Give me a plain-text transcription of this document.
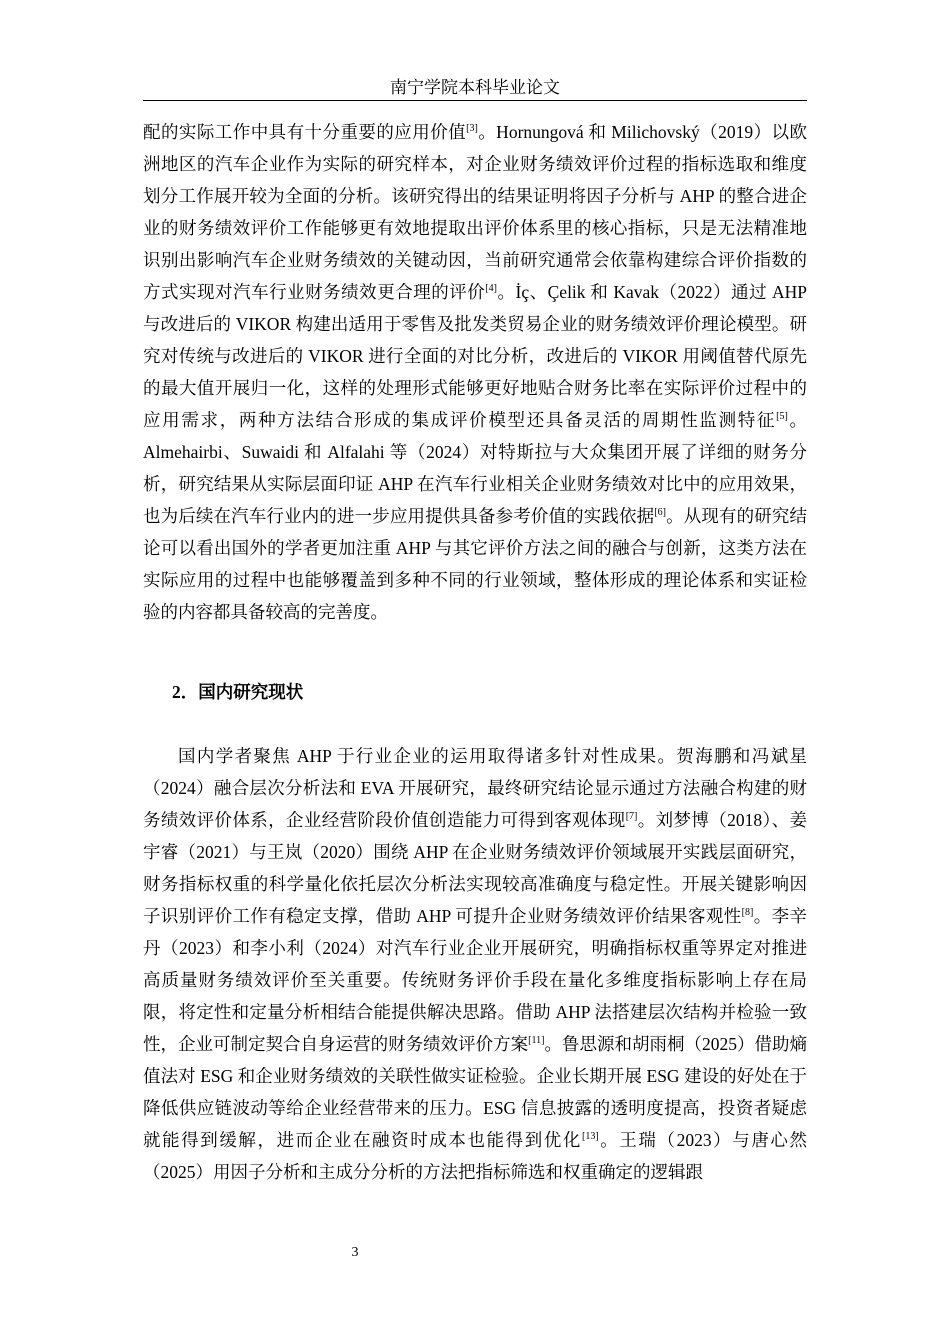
南宁学院本科毕业论文

配的实际工作中具有十分重要的应用价值[3]。Hornungová 和 Milichovský（2019）以欧洲地区的汽车企业作为实际的研究样本，对企业财务绩效评价过程的指标选取和维度划分工作展开较为全面的分析。该研究得出的结果证明将因子分析与 AHP 的整合进企业的财务绩效评价工作能够更有效地提取出评价体系里的核心指标，只是无法精准地识别出影响汽车企业财务绩效的关键动因，当前研究通常会依靠构建综合评价指数的方式实现对汽车行业财务绩效更合理的评价[4]。İç、Çelik 和 Kavak（2022）通过 AHP 与改进后的 VIKOR 构建出适用于零售及批发类贸易企业的财务绩效评价理论模型。研究对传统与改进后的 VIKOR 进行全面的对比分析，改进后的 VIKOR 用阈值替代原先的最大值开展归一化，这样的处理形式能够更好地贴合财务比率在实际评价过程中的应用需求，两种方法结合形成的集成评价模型还具备灵活的周期性监测特征[5]。Almehairbi、Suwaidi 和 Alfalahi 等（2024）对特斯拉与大众集团开展了详细的财务分析，研究结果从实际层面印证 AHP 在汽车行业相关企业财务绩效对比中的应用效果，也为后续在汽车行业内的进一步应用提供具备参考价值的实践依据[6]。从现有的研究结论可以看出国外的学者更加注重 AHP 与其它评价方法之间的融合与创新，这类方法在实际应用的过程中也能够覆盖到多种不同的行业领域，整体形成的理论体系和实证检验的内容都具备较高的完善度。

2．国内研究现状

国内学者聚焦 AHP 于行业企业的运用取得诸多针对性成果。贺海鹏和冯斌星（2024）融合层次分析法和 EVA 开展研究，最终研究结论显示通过方法融合构建的财务绩效评价体系，企业经营阶段价值创造能力可得到客观体现[7]。刘梦博（2018）、姜宇睿（2021）与王岚（2020）围绕 AHP 在企业财务绩效评价领域展开实践层面研究，财务指标权重的科学量化依托层次分析法实现较高准确度与稳定性。开展关键影响因子识别评价工作有稳定支撑，借助 AHP 可提升企业财务绩效评价结果客观性[8]。李辛丹（2023）和李小利（2024）对汽车行业企业开展研究，明确指标权重等界定对推进高质量财务绩效评价至关重要。传统财务评价手段在量化多维度指标影响上存在局限，将定性和定量分析相结合能提供解决思路。借助 AHP 法搭建层次结构并检验一致性，企业可制定契合自身运营的财务绩效评价方案[11]。鲁思源和胡雨桐（2025）借助熵值法对 ESG 和企业财务绩效的关联性做实证检验。企业长期开展 ESG 建设的好处在于降低供应链波动等给企业经营带来的压力。ESG 信息披露的透明度提高，投资者疑虑就能得到缓解，进而企业在融资时成本也能得到优化[13]。王瑞（2023）与唐心然（2025）用因子分析和主成分分析的方法把指标筛选和权重确定的逻辑跟

3
